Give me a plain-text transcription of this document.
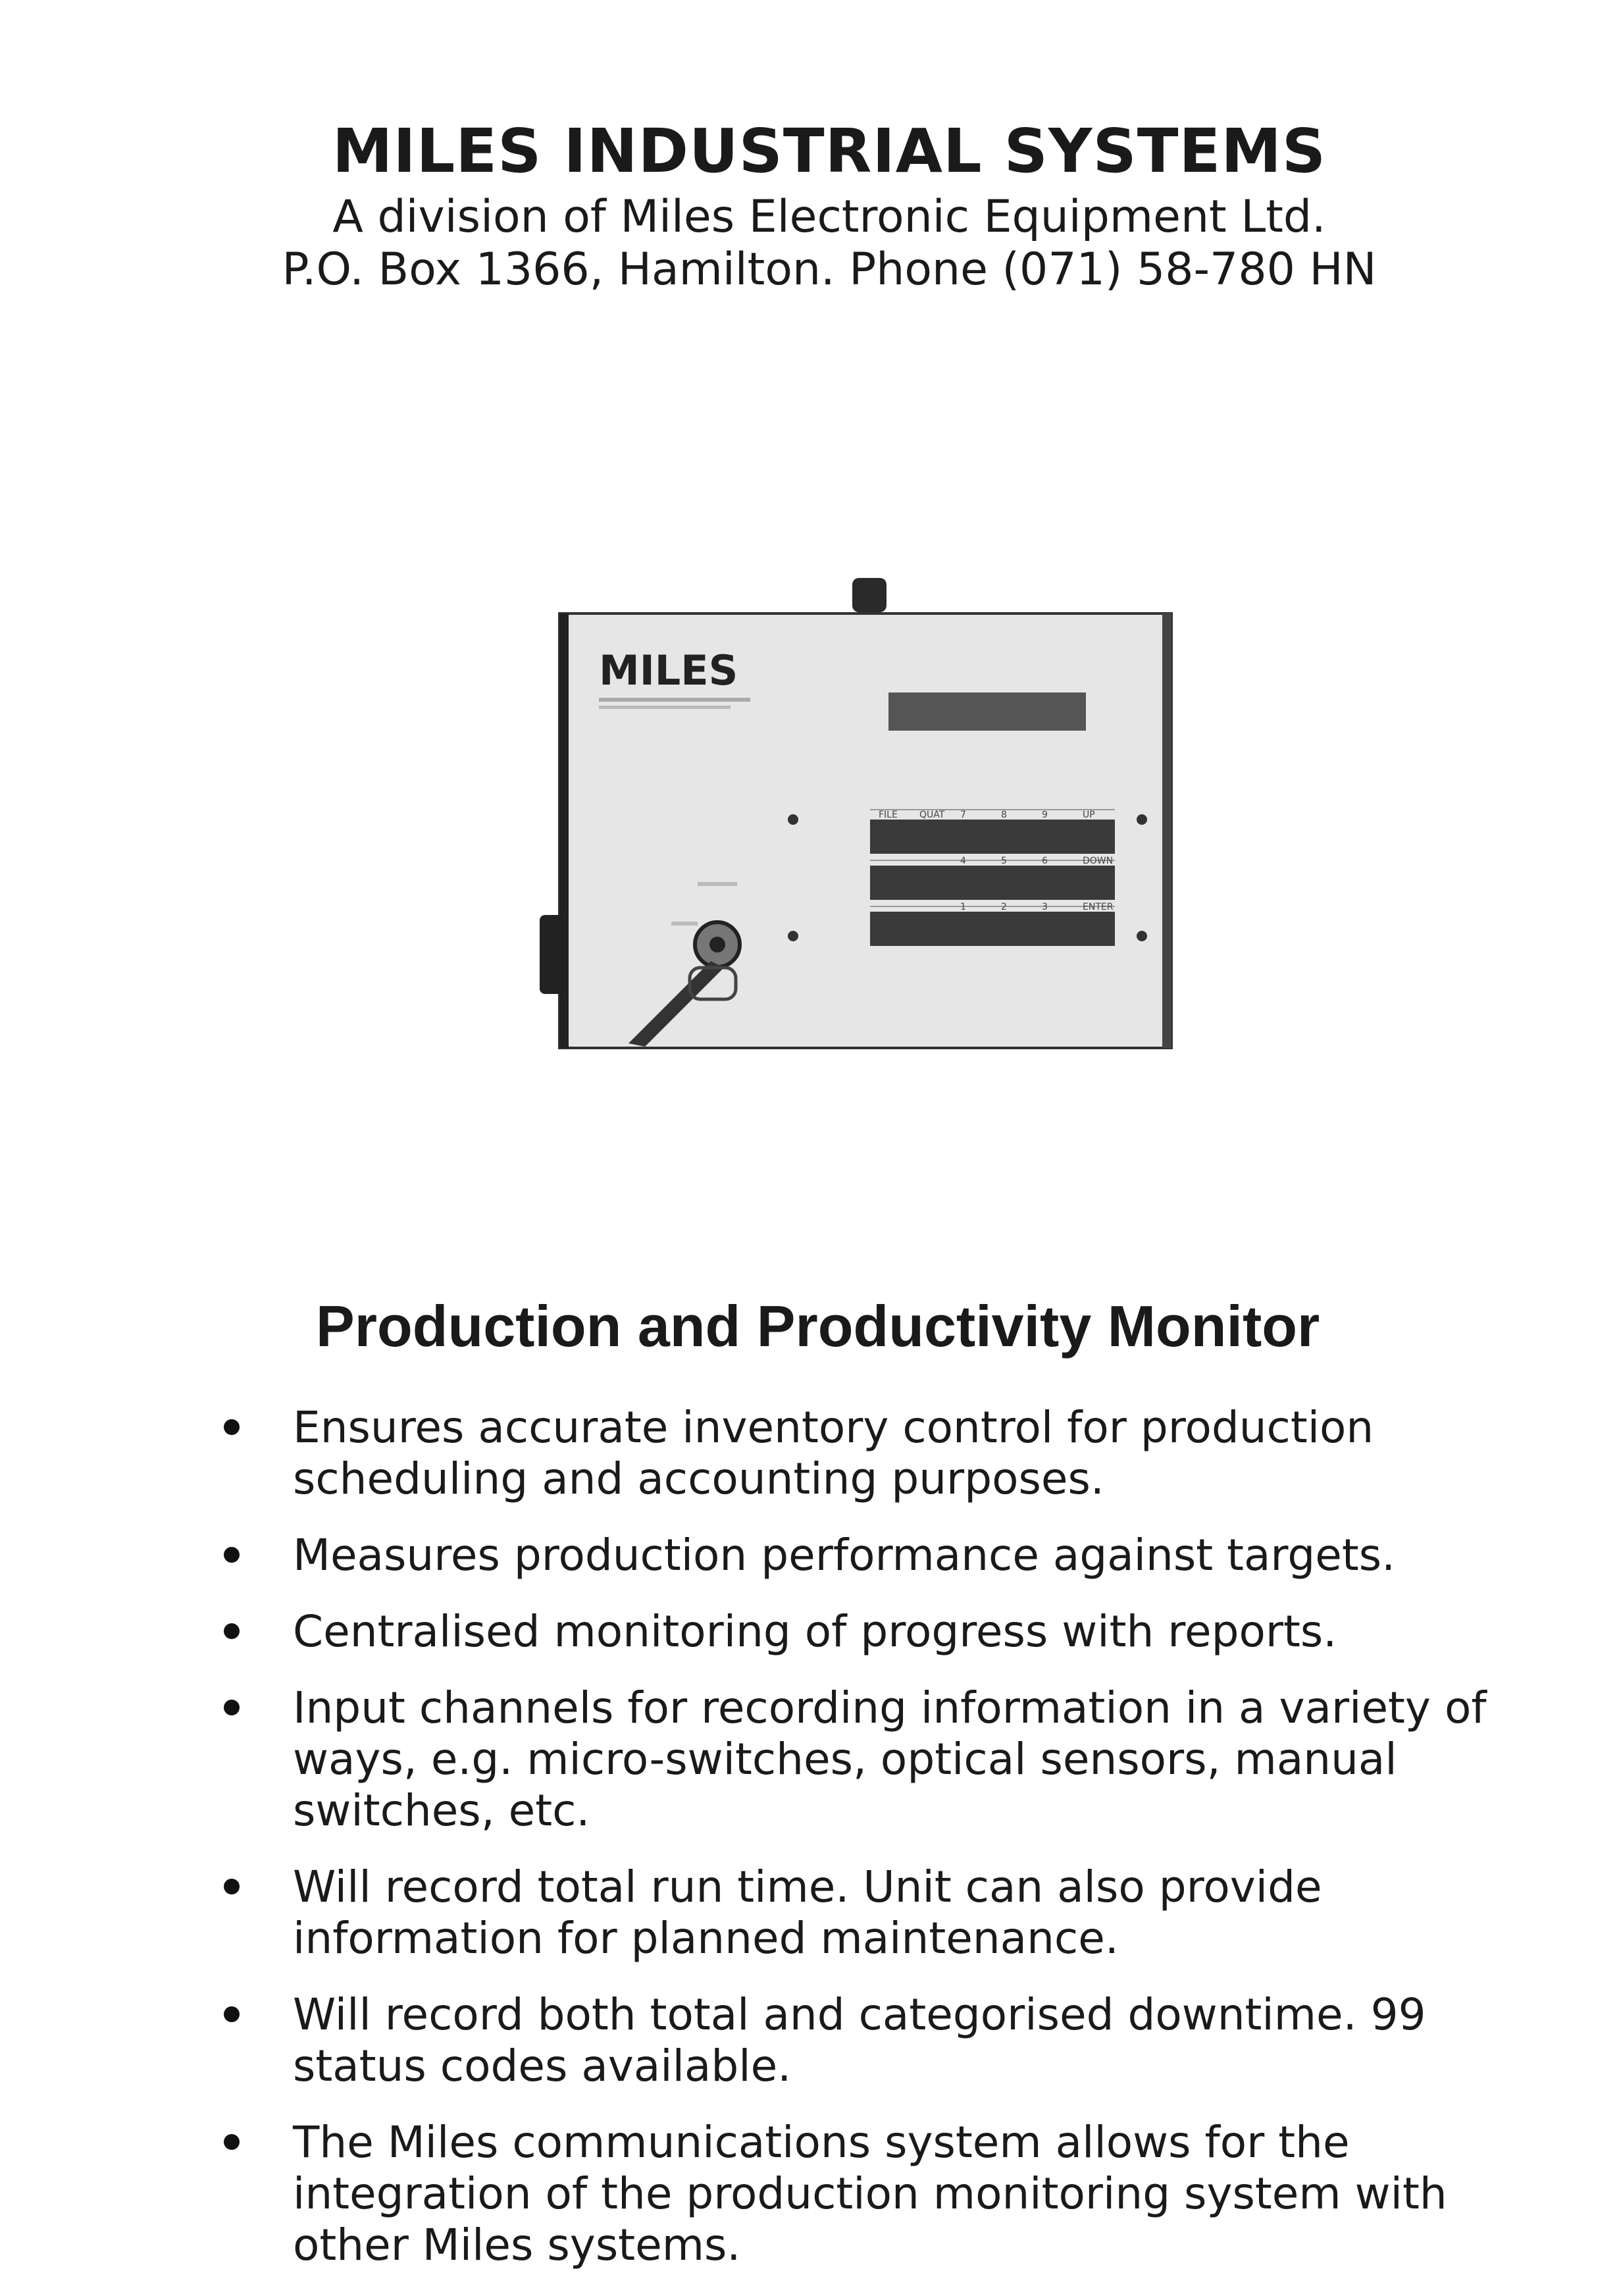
MILES INDUSTRIAL SYSTEMS
A division of Miles Electronic Equipment Ltd.
P.O. Box 1366, Hamilton. Phone (071) 58-780 HN
MILES
FILE QUAT 7	8	9	UP
4	5	6	DOWN
1	2	3	ENTER
Production and Productivity Monitor
Ensures accurate inventory control for production scheduling and accounting purposes.
Measures production performance against targets.
Centralised monitoring of progress with reports.
Input channels for recording information in a variety of ways, e.g. micro-switches, optical sensors, manual switches, etc.
Will record total run time. Unit can also provide information for planned maintenance.
Will record both total and categorised downtime. 99 status codes available.
The Miles communications system allows for the integration of the production monitoring system with other Miles systems.
